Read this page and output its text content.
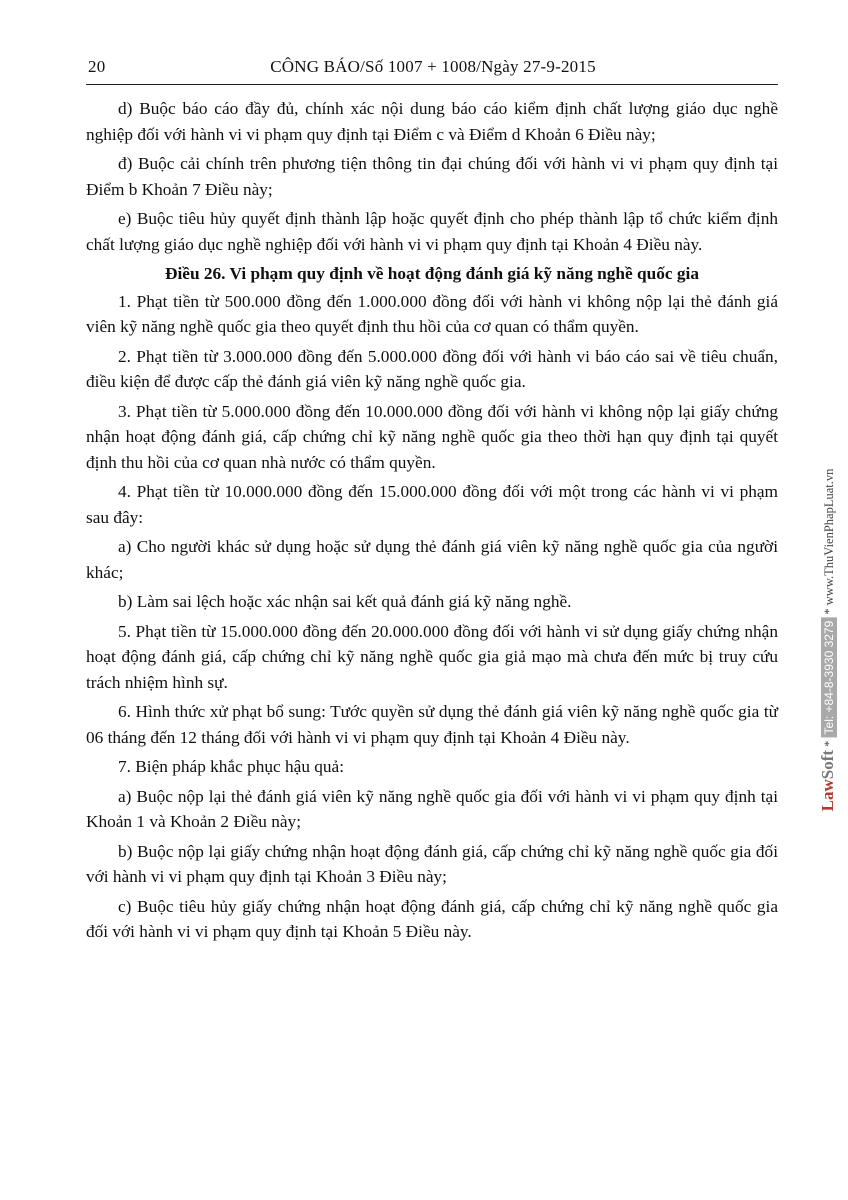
20	CÔNG BÁO/Số 1007 + 1008/Ngày 27-9-2015

d) Buộc báo cáo đầy đủ, chính xác nội dung báo cáo kiểm định chất lượng giáo dục nghề nghiệp đối với hành vi vi phạm quy định tại Điểm c và Điểm d Khoản 6 Điều này;

đ) Buộc cải chính trên phương tiện thông tin đại chúng đối với hành vi vi phạm quy định tại Điểm b Khoản 7 Điều này;

e) Buộc tiêu hủy quyết định thành lập hoặc quyết định cho phép thành lập tổ chức kiểm định chất lượng giáo dục nghề nghiệp đối với hành vi vi phạm quy định tại Khoản 4 Điều này.

Điều 26. Vi phạm quy định về hoạt động đánh giá kỹ năng nghề quốc gia

1. Phạt tiền từ 500.000 đồng đến 1.000.000 đồng đối với hành vi không nộp lại thẻ đánh giá viên kỹ năng nghề quốc gia theo quyết định thu hồi của cơ quan có thẩm quyền.

2. Phạt tiền từ 3.000.000 đồng đến 5.000.000 đồng đối với hành vi báo cáo sai về tiêu chuẩn, điều kiện để được cấp thẻ đánh giá viên kỹ năng nghề quốc gia.

3. Phạt tiền từ 5.000.000 đồng đến 10.000.000 đồng đối với hành vi không nộp lại giấy chứng nhận hoạt động đánh giá, cấp chứng chỉ kỹ năng nghề quốc gia theo thời hạn quy định tại quyết định thu hồi của cơ quan nhà nước có thẩm quyền.

4. Phạt tiền từ 10.000.000 đồng đến 15.000.000 đồng đối với một trong các hành vi vi phạm sau đây:

a) Cho người khác sử dụng hoặc sử dụng thẻ đánh giá viên kỹ năng nghề quốc gia của người khác;

b) Làm sai lệch hoặc xác nhận sai kết quả đánh giá kỹ năng nghề.

5. Phạt tiền từ 15.000.000 đồng đến 20.000.000 đồng đối với hành vi sử dụng giấy chứng nhận hoạt động đánh giá, cấp chứng chỉ kỹ năng nghề quốc gia giả mạo mà chưa đến mức bị truy cứu trách nhiệm hình sự.

6. Hình thức xử phạt bổ sung: Tước quyền sử dụng thẻ đánh giá viên kỹ năng nghề quốc gia từ 06 tháng đến 12 tháng đối với hành vi vi phạm quy định tại Khoản 4 Điều này.

7. Biện pháp khắc phục hậu quả:

a) Buộc nộp lại thẻ đánh giá viên kỹ năng nghề quốc gia đối với hành vi vi phạm quy định tại Khoản 1 và Khoản 2 Điều này;

b) Buộc nộp lại giấy chứng nhận hoạt động đánh giá, cấp chứng chỉ kỹ năng nghề quốc gia đối với hành vi vi phạm quy định tại Khoản 3 Điều này;

c) Buộc tiêu hủy giấy chứng nhận hoạt động đánh giá, cấp chứng chỉ kỹ năng nghề quốc gia đối với hành vi vi phạm quy định tại Khoản 5 Điều này.

LawSoft * Tel: +84-8-3930 3279 * www.ThuVienPhapLuat.vn
